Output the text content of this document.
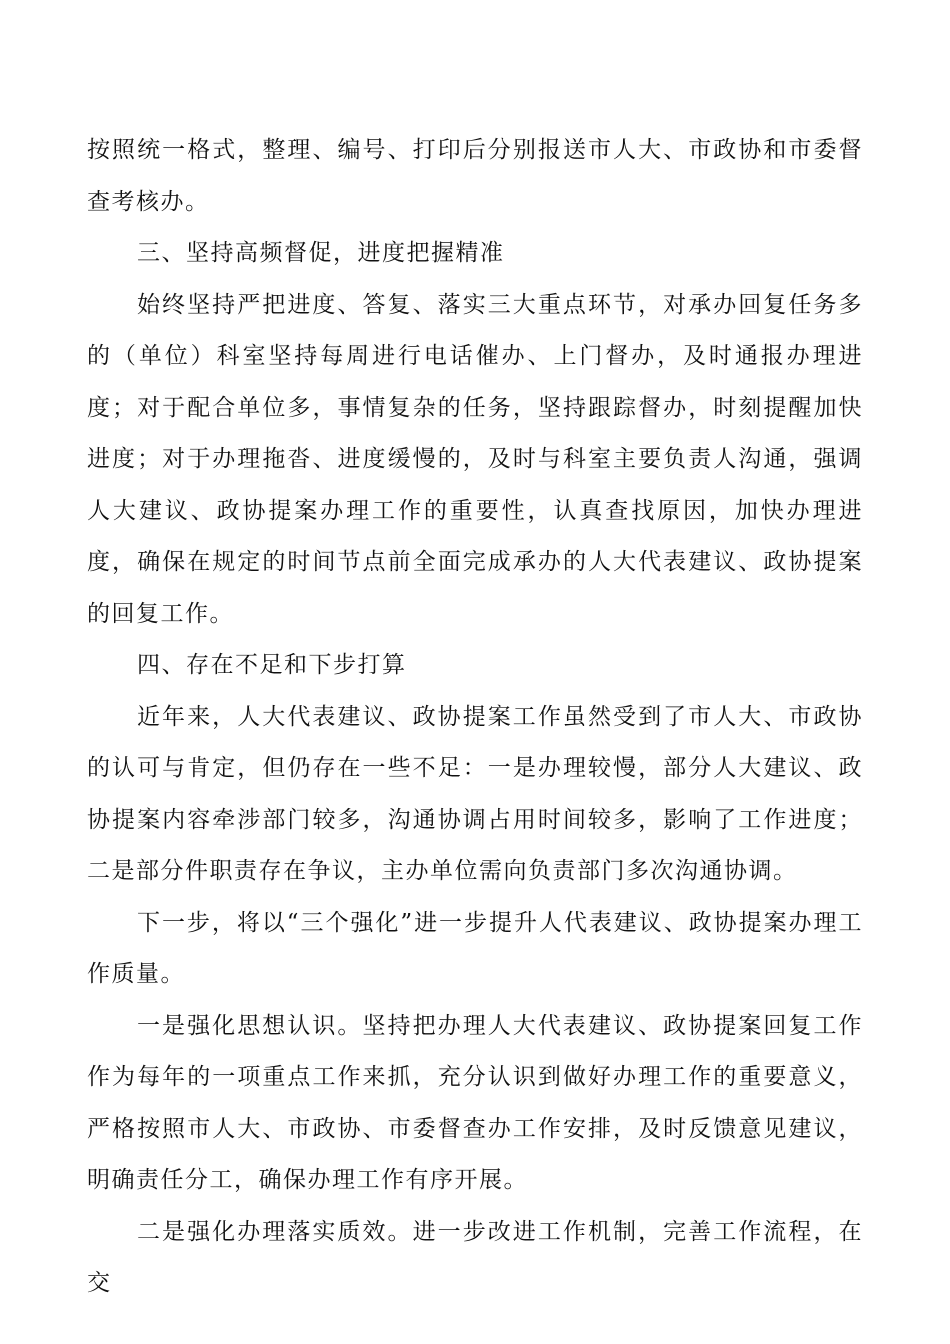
按照统一格式，整理、编号、打印后分别报送市人大、市政协和市委督查考核办。

三、坚持高频督促，进度把握精准

始终坚持严把进度、答复、落实三大重点环节，对承办回复任务多的（单位）科室坚持每周进行电话催办、上门督办，及时通报办理进度；对于配合单位多，事情复杂的任务，坚持跟踪督办，时刻提醒加快进度；对于办理拖沓、进度缓慢的，及时与科室主要负责人沟通，强调人大建议、政协提案办理工作的重要性，认真查找原因，加快办理进度，确保在规定的时间节点前全面完成承办的人大代表建议、政协提案的回复工作。

四、存在不足和下步打算

近年来，人大代表建议、政协提案工作虽然受到了市人大、市政协的认可与肯定，但仍存在一些不足：一是办理较慢，部分人大建议、政协提案内容牵涉部门较多，沟通协调占用时间较多，影响了工作进度；二是部分件职责存在争议，主办单位需向负责部门多次沟通协调。

下一步，将以“三个强化”进一步提升人代表建议、政协提案办理工作质量。

一是强化思想认识。坚持把办理人大代表建议、政协提案回复工作作为每年的一项重点工作来抓，充分认识到做好办理工作的重要意义，严格按照市人大、市政协、市委督查办工作安排，及时反馈意见建议，明确责任分工，确保办理工作有序开展。

二是强化办理落实质效。进一步改进工作机制，完善工作流程，在交
